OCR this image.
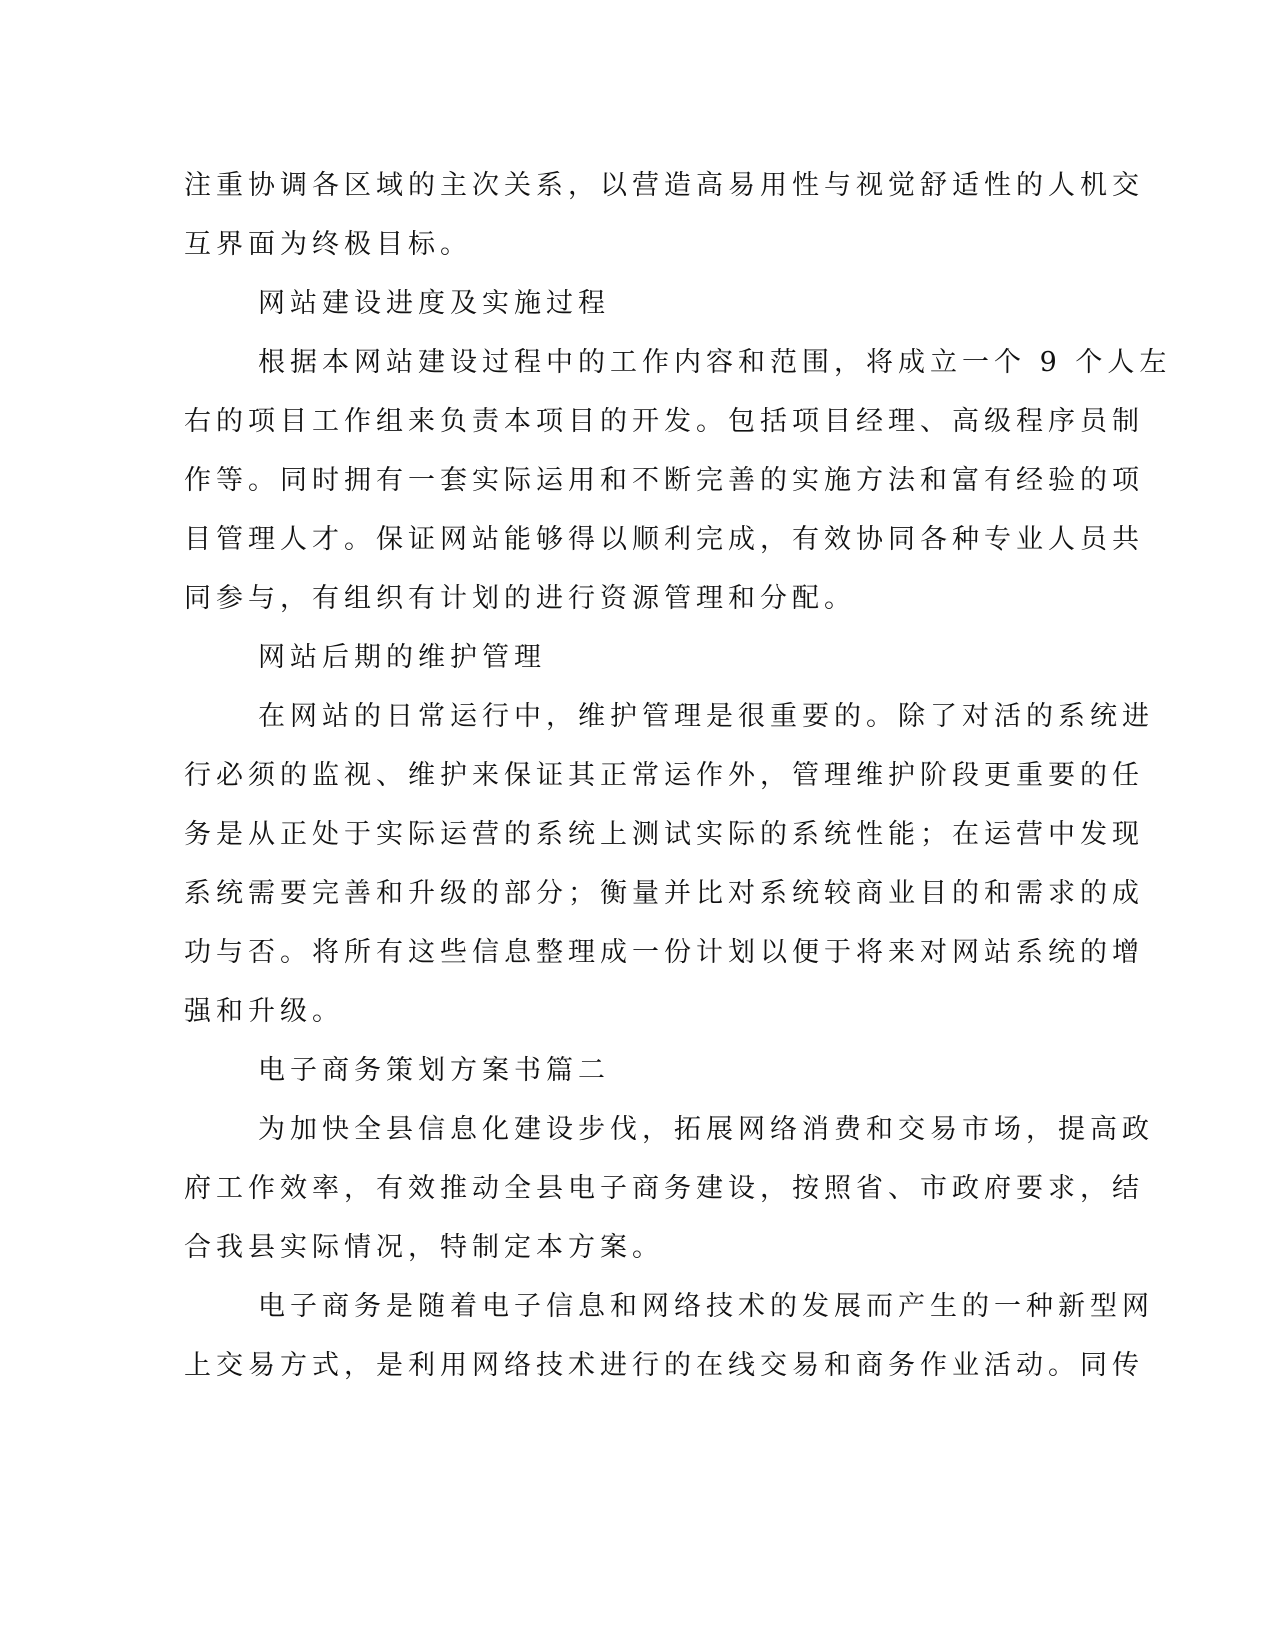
注重协调各区域的主次关系，以营造高易用性与视觉舒适性的人机交
互界面为终极目标。
网站建设进度及实施过程
根据本网站建设过程中的工作内容和范围，将成立一个 9 个人左
右的项目工作组来负责本项目的开发。包括项目经理、高级程序员制
作等。同时拥有一套实际运用和不断完善的实施方法和富有经验的项
目管理人才。保证网站能够得以顺利完成，有效协同各种专业人员共
同参与，有组织有计划的进行资源管理和分配。
网站后期的维护管理
在网站的日常运行中，维护管理是很重要的。除了对活的系统进
行必须的监视、维护来保证其正常运作外，管理维护阶段更重要的任
务是从正处于实际运营的系统上测试实际的系统性能；在运营中发现
系统需要完善和升级的部分；衡量并比对系统较商业目的和需求的成
功与否。将所有这些信息整理成一份计划以便于将来对网站系统的增
强和升级。
电子商务策划方案书篇二
为加快全县信息化建设步伐，拓展网络消费和交易市场，提高政
府工作效率，有效推动全县电子商务建设，按照省、市政府要求，结
合我县实际情况，特制定本方案。
电子商务是随着电子信息和网络技术的发展而产生的一种新型网
上交易方式，是利用网络技术进行的在线交易和商务作业活动。同传
